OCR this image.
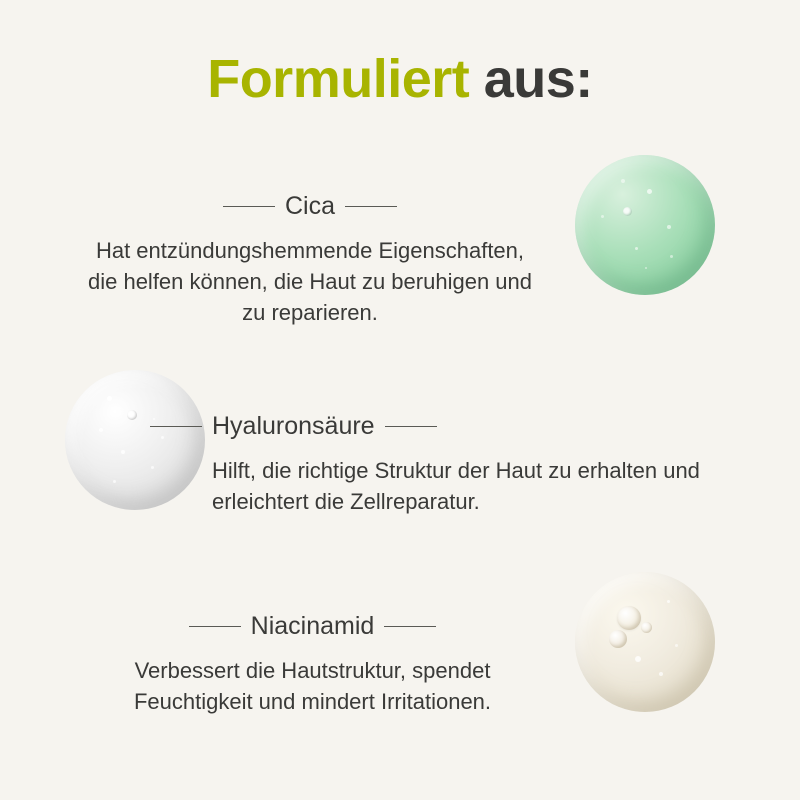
Formuliert aus:
Cica
Hat entzündungshemmende Eigenschaften, die helfen können, die Haut zu beruhigen und zu reparieren.
Hyaluronsäure
Hilft, die richtige Struktur der Haut zu erhalten und erleichtert die Zellreparatur.
Niacinamid
Verbessert die Hautstruktur, spendet Feuchtigkeit und mindert Irritationen.
